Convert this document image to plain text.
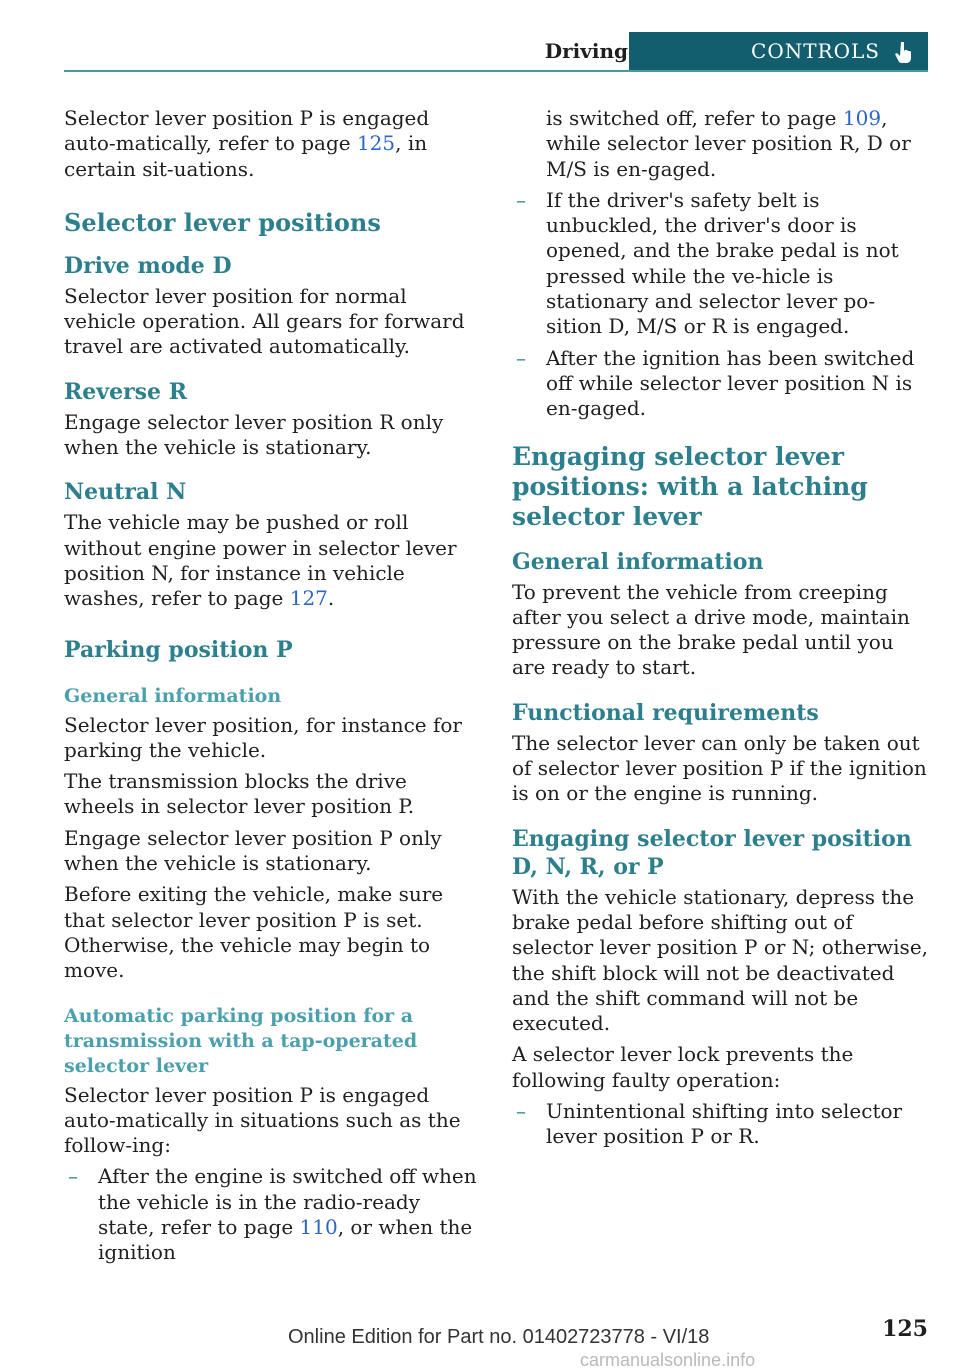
Driving	CONTROLS

Selector lever position P is engaged auto-matically, refer to page 125, in certain sit-uations.

Selector lever positions
Drive mode D

Selector lever position for normal vehicle operation. All gears for forward travel are activated automatically.

Reverse R

Engage selector lever position R only when the vehicle is stationary.

Neutral N

The vehicle may be pushed or roll without engine power in selector lever position N, for instance in vehicle washes, refer to page 127.

Parking position P
General information

Selector lever position, for instance for parking the vehicle.

The transmission blocks the drive wheels in selector lever position P.

Engage selector lever position P only when the vehicle is stationary.

Before exiting the vehicle, make sure that selector lever position P is set. Otherwise, the vehicle may begin to move.

Automatic parking position for a transmission with a tap-operated selector lever

Selector lever position P is engaged auto-matically in situations such as the follow-ing:

– After the engine is switched off when the vehicle is in the radio-ready state, refer to page 110, or when the ignition

is switched off, refer to page 109, while selector lever position R, D or M/S is en-gaged.

– If the driver's safety belt is unbuckled, the driver's door is opened, and the brake pedal is not pressed while the ve-hicle is stationary and selector lever po-sition D, M/S or R is engaged.
– After the ignition has been switched off while selector lever position N is en-gaged.
Engaging selector lever positions: with a latching selector lever
General information

To prevent the vehicle from creeping after you select a drive mode, maintain pressure on the brake pedal until you are ready to start.

Functional requirements

The selector lever can only be taken out of selector lever position P if the ignition is on or the engine is running.

Engaging selector lever position D, N, R, or P

With the vehicle stationary, depress the brake pedal before shifting out of selector lever position P or N; otherwise, the shift block will not be deactivated and the shift command will not be executed.

A selector lever lock prevents the following faulty operation:

– Unintentional shifting into selector lever position P or R.
Online Edition for Part no. 01402723778 - VI/18	125
carmanualsonline.info
